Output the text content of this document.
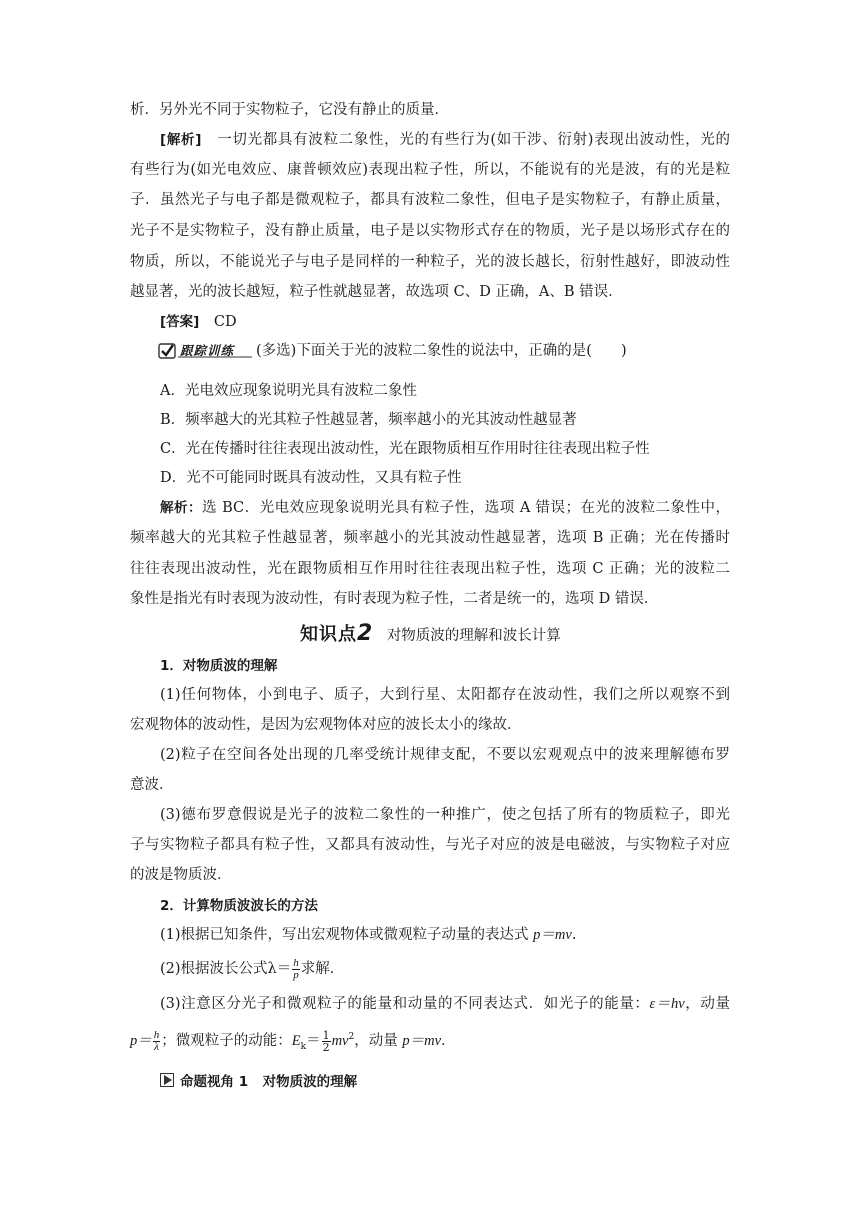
析．另外光不同于实物粒子，它没有静止的质量．
[解析]　 一切光都具有波粒二象性，光的有些行为(如干涉、衍射)表现出波动性，光的
有些行为(如光电效应、康普顿效应)表现出粒子性，所以，不能说有的光是波，有的光是粒
子．虽然光子与电子都是微观粒子，都具有波粒二象性，但电子是实物粒子，有静止质量，
光子不是实物粒子，没有静止质量，电子是以实物形式存在的物质，光子是以场形式存在的
物质，所以，不能说光子与电子是同样的一种粒子，光的波长越长，衍射性越好，即波动性
越显著，光的波长越短，粒子性就越显著，故选项 C、D 正确，A、B 错误．
[答案]　 CD
跟踪训练 (多选)下面关于光的波粒二象性的说法中，正确的是(　　)
A．光电效应现象说明光具有波粒二象性
B．频率越大的光其粒子性越显著，频率越小的光其波动性越显著
C．光在传播时往往表现出波动性，光在跟物质相互作用时往往表现出粒子性
D．光不可能同时既具有波动性，又具有粒子性
解析：选 BC．光电效应现象说明光具有粒子性，选项 A 错误；在光的波粒二象性中，
频率越大的光其粒子性越显著，频率越小的光其波动性越显著，选项 B 正确；光在传播时
往往表现出波动性，光在跟物质相互作用时往往表现出粒子性，选项 C 正确；光的波粒二
象性是指光有时表现为波动性，有时表现为粒子性，二者是统一的，选项 D 错误．
知识点2　 对物质波的理解和波长计算
1．对物质波的理解
(1)任何物体，小到电子、质子，大到行星、太阳都存在波动性，我们之所以观察不到
宏观物体的波动性，是因为宏观物体对应的波长太小的缘故．
(2)粒子在空间各处出现的几率受统计规律支配，不要以宏观观点中的波来理解德布罗
意波．
(3)德布罗意假说是光子的波粒二象性的一种推广，使之包括了所有的物质粒子，即光
子与实物粒子都具有粒子性，又都具有波动性，与光子对应的波是电磁波，与实物粒子对应
的波是物质波．
2．计算物质波波长的方法
(1)根据已知条件，写出宏观物体或微观粒子动量的表达式 p＝mv.
(2)根据波长公式$\lambda= \frac{h}{p}$ 求解．
(3)注意区分光子和微观粒子的能量和动量的不同表达式．如光子的能量：ε＝hν，动量
$p= \frac{h}{\lambda}$ ；微观粒子的动能：$E_k= \frac{1}{2} mv^2$，动量 p＝mv．
命题视角 1　 对物质波的理解
